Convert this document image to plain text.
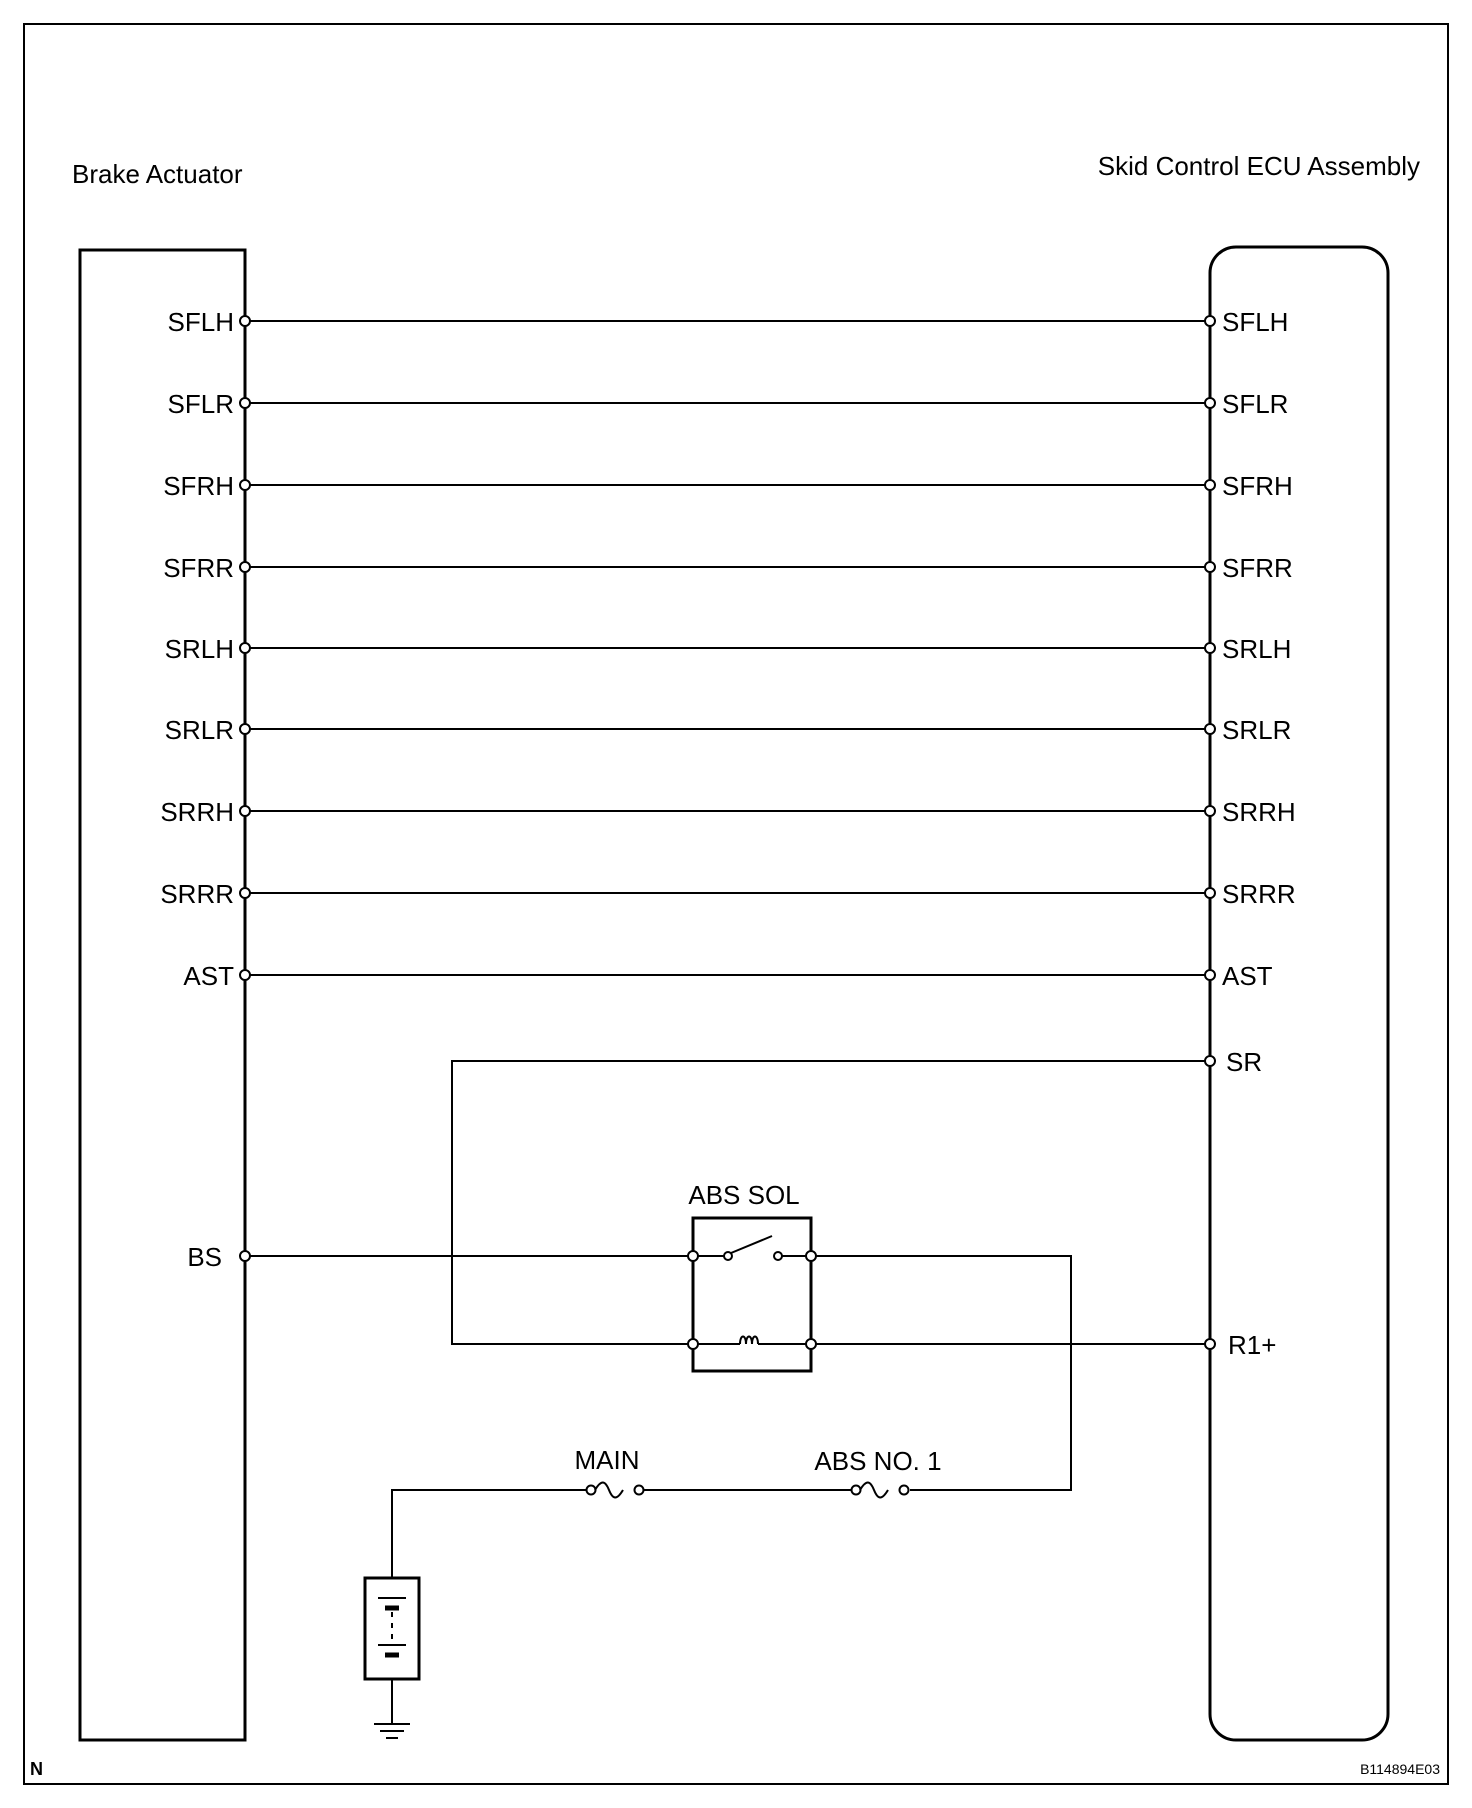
Brake Actuator	Skid Control ECU Assembly
SFLH	SFLH
SFLR	SFLR
SFRH	SFRH
SFRR	SFRR
SRLH	SRLH
SRLR	SRLR
SRRH	SRRH
SRRR	SRRR
AST	AST
SR
BS
ABS SOL
R1+
MAIN	ABS NO. 1
N	B114894E03
